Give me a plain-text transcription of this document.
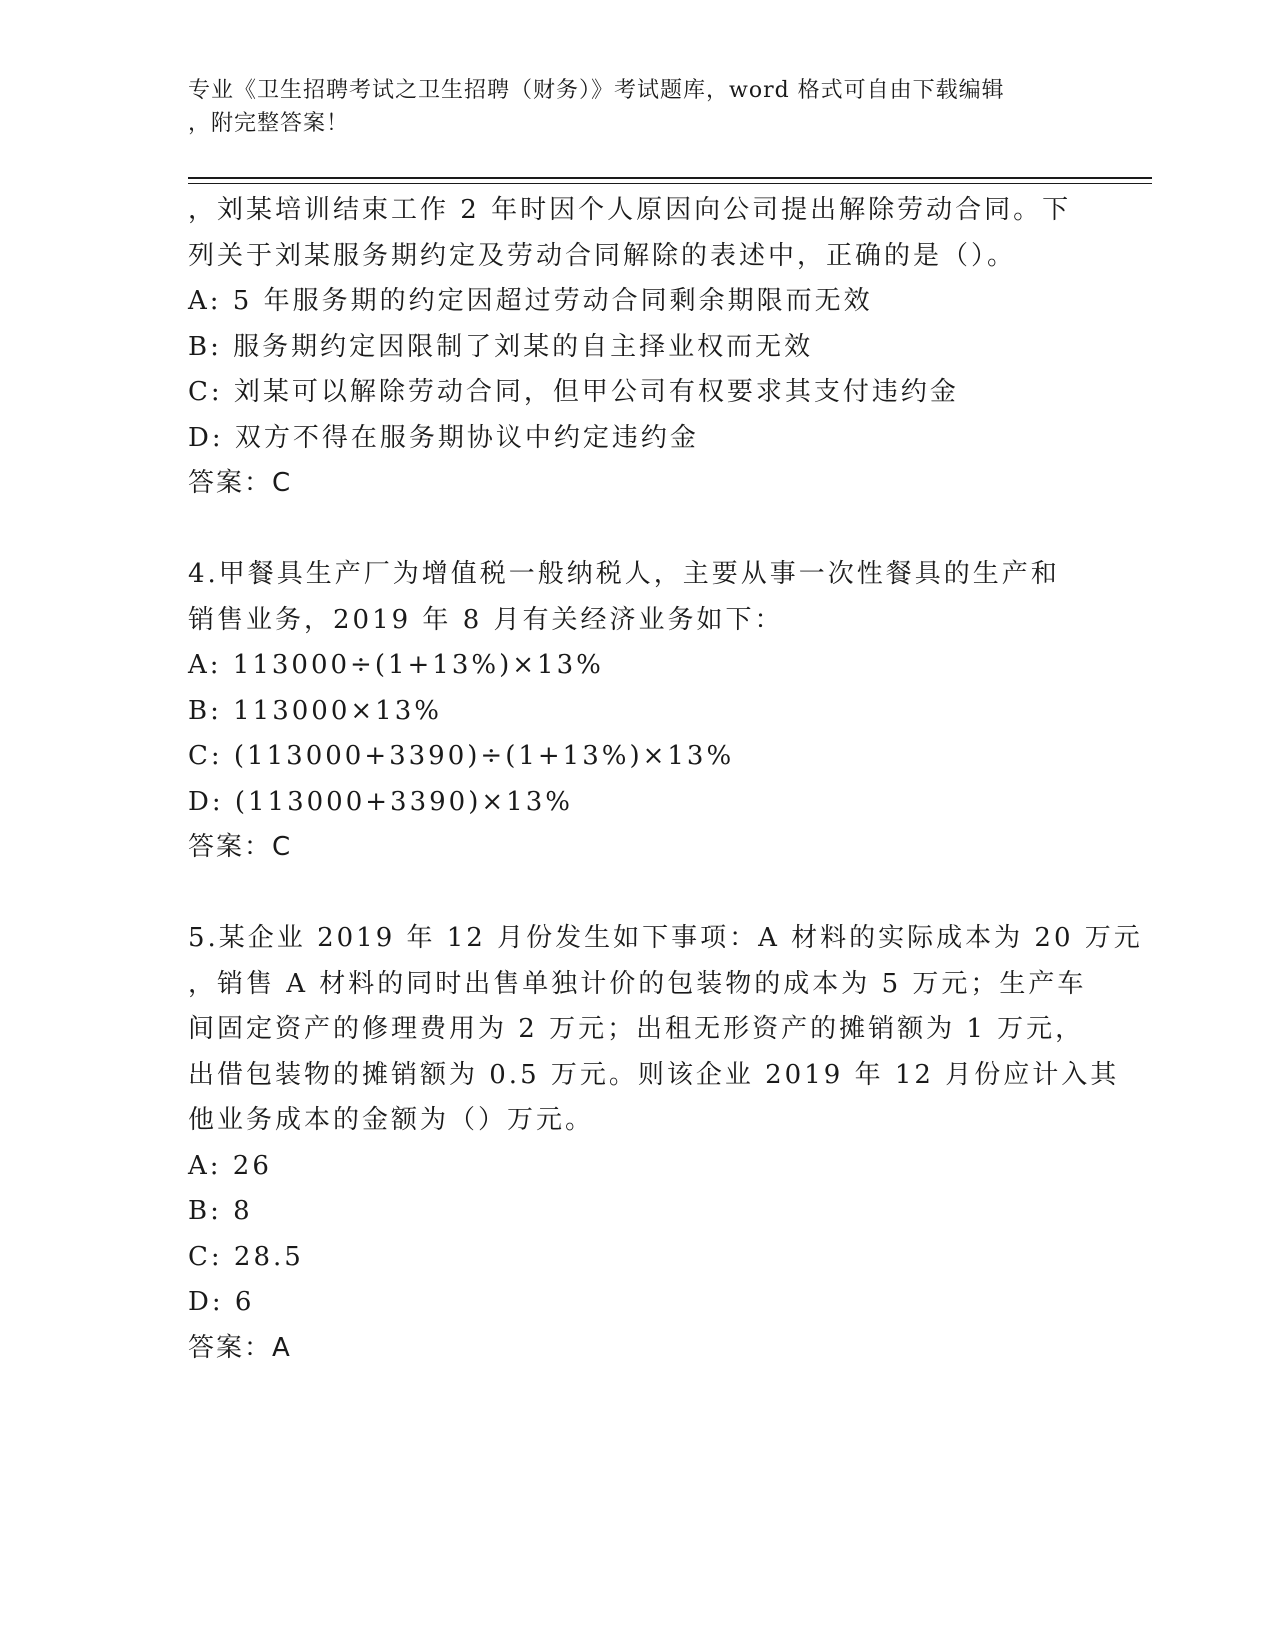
专业《卫生招聘考试之卫生招聘（财务）》考试题库，word 格式可自由下载编辑
，附完整答案！
，刘某培训结束工作 2 年时因个人原因向公司提出解除劳动合同。下
列关于刘某服务期约定及劳动合同解除的表述中，正确的是（）。
A: 5 年服务期的约定因超过劳动合同剩余期限而无效
B: 服务期约定因限制了刘某的自主择业权而无效
C: 刘某可以解除劳动合同，但甲公司有权要求其支付违约金
D: 双方不得在服务期协议中约定违约金
答案：C
4.甲餐具生产厂为增值税一般纳税人，主要从事一次性餐具的生产和
销售业务，2019 年 8 月有关经济业务如下：
A: 113000÷(1+13%)×13%
B: 113000×13%
C: (113000+3390)÷(1+13%)×13%
D: (113000+3390)×13%
答案：C
5.某企业 2019 年 12 月份发生如下事项：A 材料的实际成本为 20 万元
，销售 A 材料的同时出售单独计价的包装物的成本为 5 万元；生产车
间固定资产的修理费用为 2 万元；出租无形资产的摊销额为 1 万元，
出借包装物的摊销额为 0.5 万元。则该企业 2019 年 12 月份应计入其
他业务成本的金额为（）万元。
A: 26
B: 8
C: 28.5
D: 6
答案：A
